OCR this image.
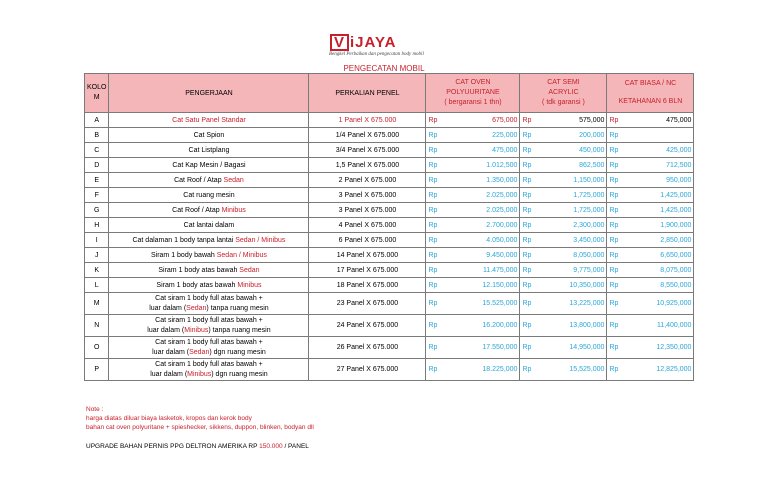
V iJAYA
Bengkel Perbaikan dan pengecatan body mobil
PENGECATAN MOBIL
KOLO
M	PENGERJAAN	PERKALIAN PENEL	CAT OVEN
POLYUURITANE
( bergaransi 1 thn)	CAT SEMI
ACRYLIC
( tdk garansi )	CAT BIASA / NC
KETAHANAN 6 BLN

A	Cat Satu Panel Standar	1 Panel X 675.000	Rp 675,000	Rp 575,000	Rp 475,000

B	Cat Spion	1/4 Panel X 675.000	Rp 225,000	Rp 200,000	Rp

C	Cat Listplang	3/4 Panel X 675.000	Rp 475,000	Rp 450,000	Rp 425,000

D	Cat Kap Mesin / Bagasi	1,5 Panel X 675.000	Rp 1.012,500	Rp 862,500	Rp 712,500

E	Cat Roof / Atap Sedan	2 Panel X 675.000	Rp 1.350,000	Rp 1,150,000	Rp 950,000

F	Cat ruang mesin	3 Panel X 675.000	Rp 2.025,000	Rp 1,725,000	Rp 1,425,000

G	Cat Roof / Atap Minibus	3 Panel X 675.000	Rp 2.025,000	Rp 1,725,000	Rp 1,425,000

H	Cat lantai dalam	4 Panel X 675.000	Rp 2.700,000	Rp 2,300,000	Rp 1,900,000

I	Cat dalaman 1 body tanpa lantai Sedan / Minibus	6 Panel X 675.000	Rp 4.050,000	Rp 3,450,000	Rp 2,850,000

J	Siram 1 body bawah Sedan / Minibus	14 Panel X 675.000	Rp 9.450,000	Rp 8,050,000	Rp 6,650,000

K	Siram 1 body atas bawah Sedan	17 Panel X 675.000	Rp 11.475,000	Rp 9,775,000	Rp 8,075,000

L	Siram 1 body atas bawah Minibus	18 Panel X 675.000	Rp 12.150,000	Rp 10,350,000	Rp 8,550,000

M	Cat siram 1 body full atas bawah +
luar dalam (Sedan) tanpa ruang mesin	23 Panel X 675.000	Rp 15.525,000	Rp 13,225,000	Rp 10,925,000

N	Cat siram 1 body full atas bawah +
luar dalam (Minibus) tanpa ruang mesin	24 Panel X 675.000	Rp 16.200,000	Rp 13,800,000	Rp 11,400,000

O	Cat siram 1 body full atas bawah +
luar dalam (Sedan) dgn ruang mesin	26 Panel X 675.000	Rp 17.550,000	Rp 14,950,000	Rp 12,350,000

P	Cat siram 1 body full atas bawah +
luar dalam (Minibus) dgn ruang mesin	27 Panel X 675.000	Rp 18.225,000	Rp 15,525,000	Rp 12,825,000
Note :
harga diatas diluar biaya lasketok, kropos dan kerok body
bahan cat oven polyuritane + spieshecker, sikkens, duppon, blinken, bodyan dll
UPGRADE BAHAN PERNIS PPG DELTRON AMERIKA RP 150.000 / PANEL
